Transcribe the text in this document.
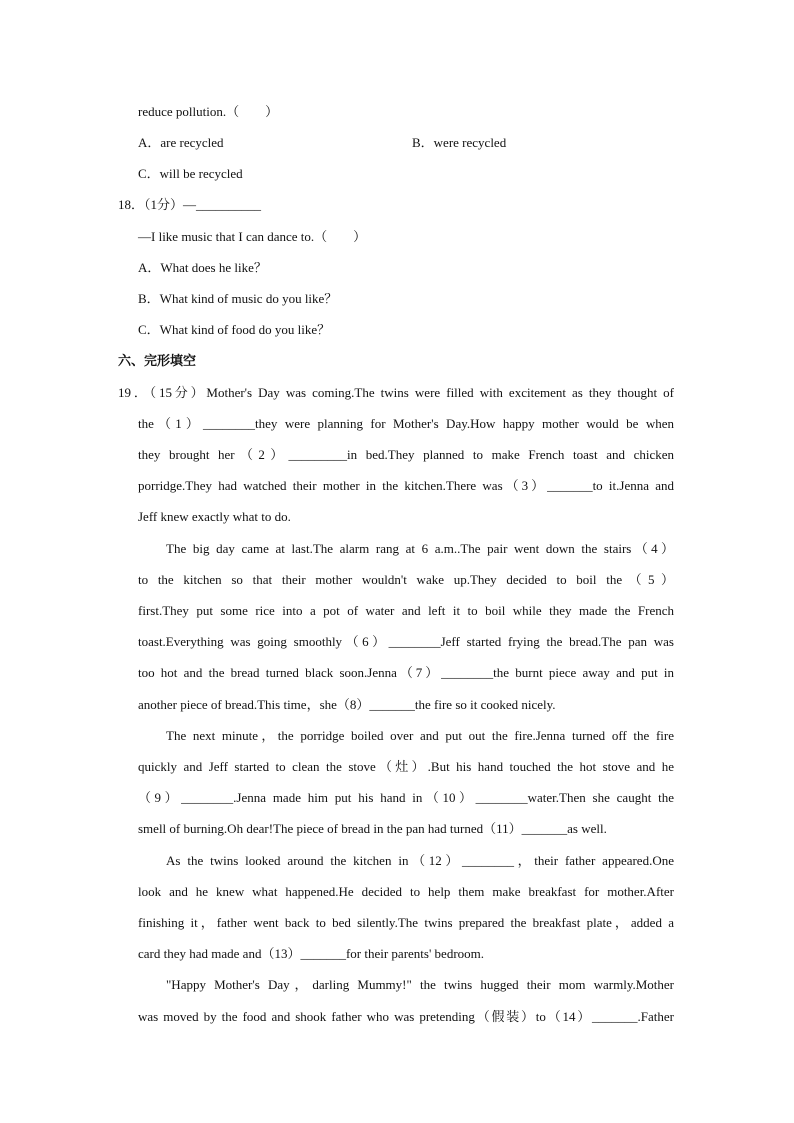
reduce pollution.（　　）
A．are recycled	B．were recycled
C．will be recycled
18．（1分）—__________
—I like music that I can dance to.（　　）
A．What does he like？
B．What kind of music do you like？
C．What kind of food do you like？
六、完形填空
19．（15分）Mother's Day was coming.The twins were filled with excitement as they thought of
the（1）________they were planning for Mother's Day.How happy mother would be when
they brought her（2）_________in bed.They planned to make French toast and chicken
porridge.They had watched their mother in the kitchen.There was（3）_______to it.Jenna and
Jeff knew exactly what to do.
The big day came at last.The alarm rang at 6 a.m..The pair went down the stairs（4）
to the kitchen so that their mother wouldn't wake up.They decided to boil the（5）
first.They put some rice into a pot of water and left it to boil while they made the French
toast.Everything was going smoothly（6）________Jeff started frying the bread.The pan was
too hot and the bread turned black soon.Jenna（7）________the burnt piece away and put in
another piece of bread.This time，she（8）_______the fire so it cooked nicely.
The next minute，the porridge boiled over and put out the fire.Jenna turned off the fire
quickly and Jeff started to clean the stove（灶）.But his hand touched the hot stove and he
（9）________.Jenna made him put his hand in（10）________water.Then she caught the
smell of burning.Oh dear!The piece of bread in the pan had turned（11）_______as well.
As the twins looked around the kitchen in（12）________，their father appeared.One
look and he knew what happened.He decided to help them make breakfast for mother.After
finishing it，father went back to bed silently.The twins prepared the breakfast plate，added a
card they had made and（13）_______for their parents' bedroom.
"Happy Mother's Day，darling Mummy!" the twins hugged their mom warmly.Mother
was moved by the food and shook father who was pretending（假装）to（14）_______.Father
